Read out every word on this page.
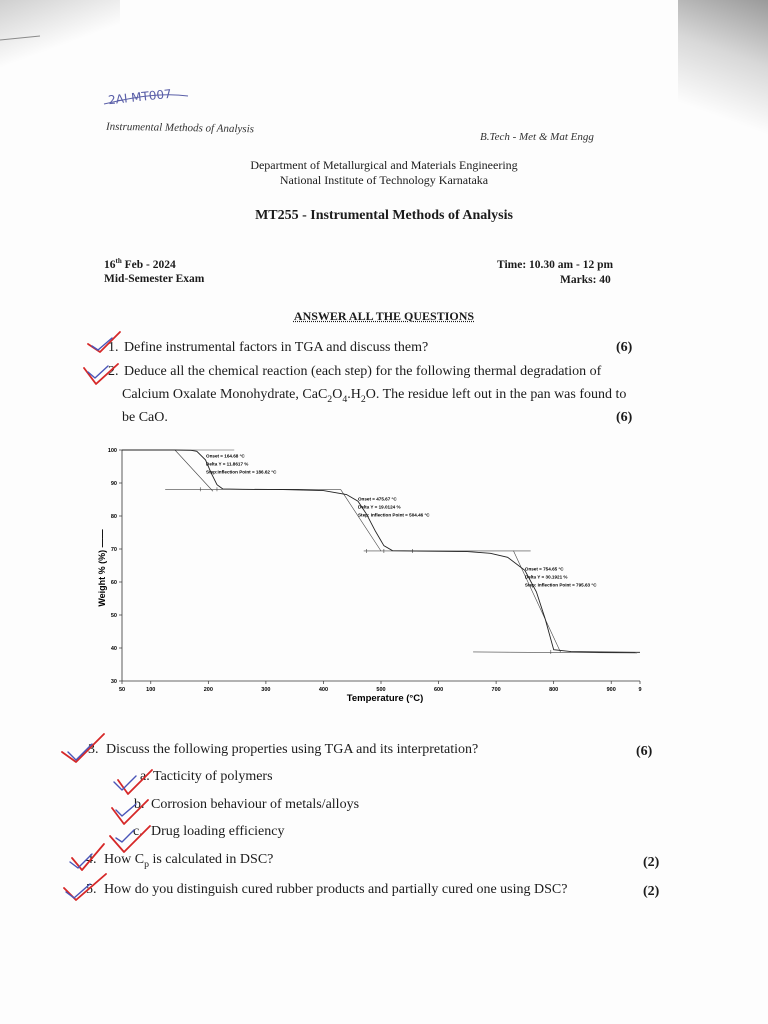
2AI MT007
Instrumental Methods of Analysis
B.Tech - Met & Mat Engg
Department of Metallurgical and Materials Engineering
National Institute of Technology Karnataka
MT255 - Instrumental Methods of Analysis
16th Feb - 2024
Mid-Semester Exam
Time: 10.30 am - 12 pm
Marks: 40
ANSWER ALL THE QUESTIONS
1. Define instrumental factors in TGA and discuss them?	(6)
2. Deduce all the chemical reaction (each step) for the following thermal degradation of
Calcium Oxalate Monohydrate, $CaC_2O_4.H_2O$. The residue left out in the pan was found to
be CaO.	(6)
Onset = 164.68 °C
Delta Y = 11.8617 %
Step:Inflection Point = 186.62 °C
Onset = 475.67 °C
Delta Y = 19.0124 %
Step: Inflection Point = 504.46 °C
Onset = 754.65 °C
Delta Y = 30.1921 %
Step: Inflection Point = 795.63 °C
30
40
50
60
70
80
90
100
50	100	200	300	400	500	600	700	800	900	9
Temperature (°C)
Weight % (%) ——
3. Discuss the following properties using TGA and its interpretation?	(6)
a. Tacticity of polymers
b. Corrosion behaviour of metals/alloys
c. Drug loading efficiency
4. How $C_p$ is calculated in DSC?	(2)
5. How do you distinguish cured rubber products and partially cured one using DSC?	(2)
